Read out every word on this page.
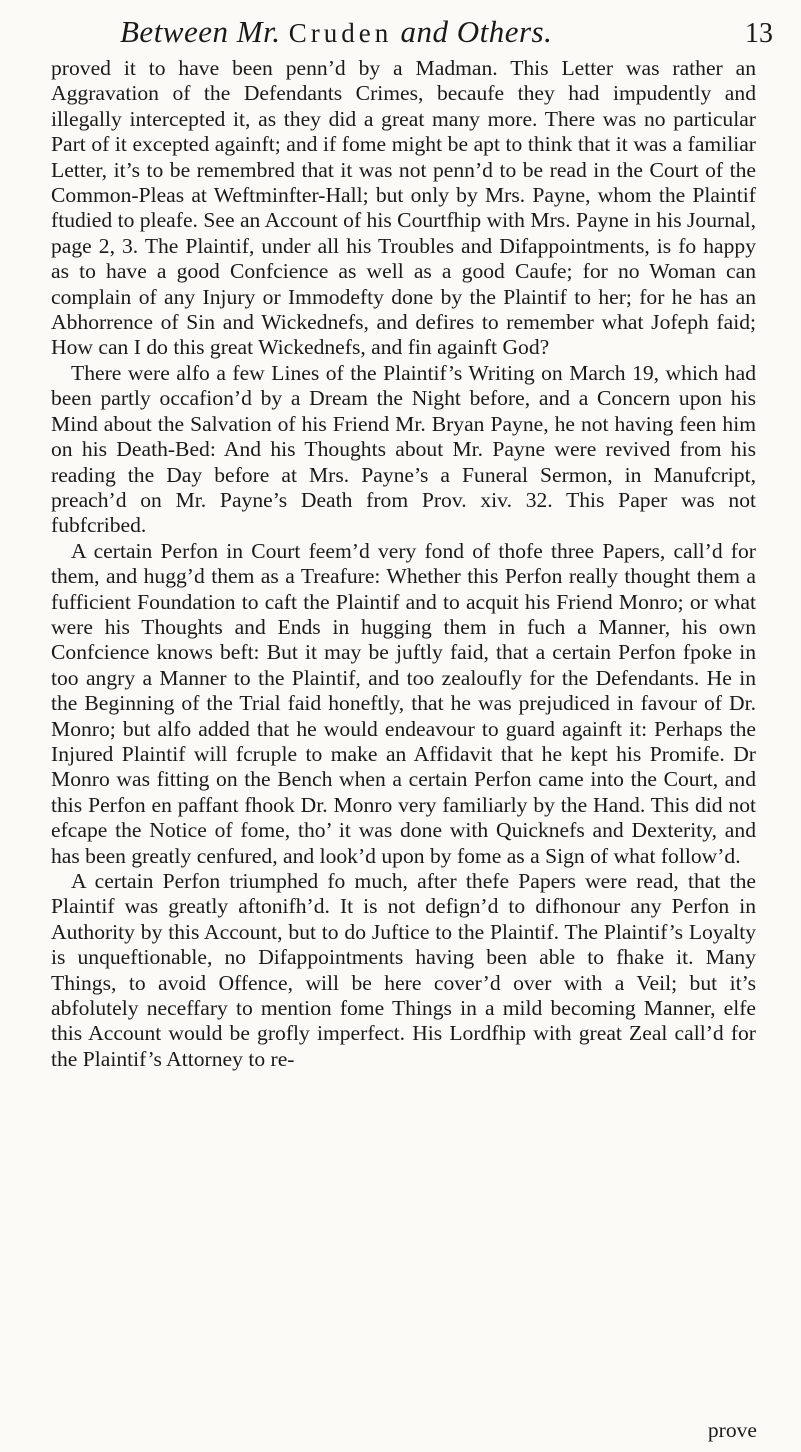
Between Mr. Cruden and Others.	13

proved it to have been penn’d by a Madman. This Letter was rather an Aggravation of the Defendants Crimes, becaufe they had impudently and illegally intercepted it, as they did a great many more. There was no particular Part of it excepted againft; and if fome might be apt to think that it was a familiar Letter, it’s to be remembred that it was not penn’d to be read in the Court of the Common-Pleas at Weftminfter-Hall; but only by Mrs. Payne, whom the Plaintif ftudied to pleafe. See an Account of his Courtfhip with Mrs. Payne in his Journal, page 2, 3. The Plaintif, under all his Troubles and Difappointments, is fo happy as to have a good Confcience as well as a good Caufe; for no Woman can complain of any Injury or Immodefty done by the Plaintif to her; for he has an Abhorrence of Sin and Wickednefs, and defires to remember what Jofeph faid; How can I do this great Wickednefs, and fin againft God?

There were alfo a few Lines of the Plaintif’s Writing on March 19, which had been partly occafion’d by a Dream the Night before, and a Concern upon his Mind about the Salvation of his Friend Mr. Bryan Payne, he not having feen him on his Death-Bed: And his Thoughts about Mr. Payne were revived from his reading the Day before at Mrs. Payne’s a Funeral Sermon, in Manufcript, preach’d on Mr. Payne’s Death from Prov. xiv. 32. This Paper was not fubfcribed.

A certain Perfon in Court feem’d very fond of thofe three Papers, call’d for them, and hugg’d them as a Treafure: Whether this Perfon really thought them a fufficient Foundation to caft the Plaintif and to acquit his Friend Monro; or what were his Thoughts and Ends in hugging them in fuch a Manner, his own Confcience knows beft: But it may be juftly faid, that a certain Perfon fpoke in too angry a Manner to the Plaintif, and too zealoufly for the Defendants. He in the Beginning of the Trial faid honeftly, that he was prejudiced in favour of Dr. Monro; but alfo added that he would endeavour to guard againft it: Perhaps the Injured Plaintif will fcruple to make an Affidavit that he kept his Promife. Dr Monro was fitting on the Bench when a certain Perfon came into the Court, and this Perfon en paffant fhook Dr. Monro very familiarly by the Hand. This did not efcape the Notice of fome, tho’ it was done with Quicknefs and Dexterity, and has been greatly cenfured, and look’d upon by fome as a Sign of what follow’d.

A certain Perfon triumphed fo much, after thefe Papers were read, that the Plaintif was greatly aftonifh’d. It is not defign’d to difhonour any Perfon in Authority by this Account, but to do Juftice to the Plaintif. The Plaintif’s Loyalty is unqueftionable, no Difappointments having been able to fhake it. Many Things, to avoid Offence, will be here cover’d over with a Veil; but it’s abfolutely neceffary to mention fome Things in a mild becoming Manner, elfe this Account would be grofly imperfect. His Lordfhip with great Zeal call’d for the Plaintif’s Attorney to re-

prove
